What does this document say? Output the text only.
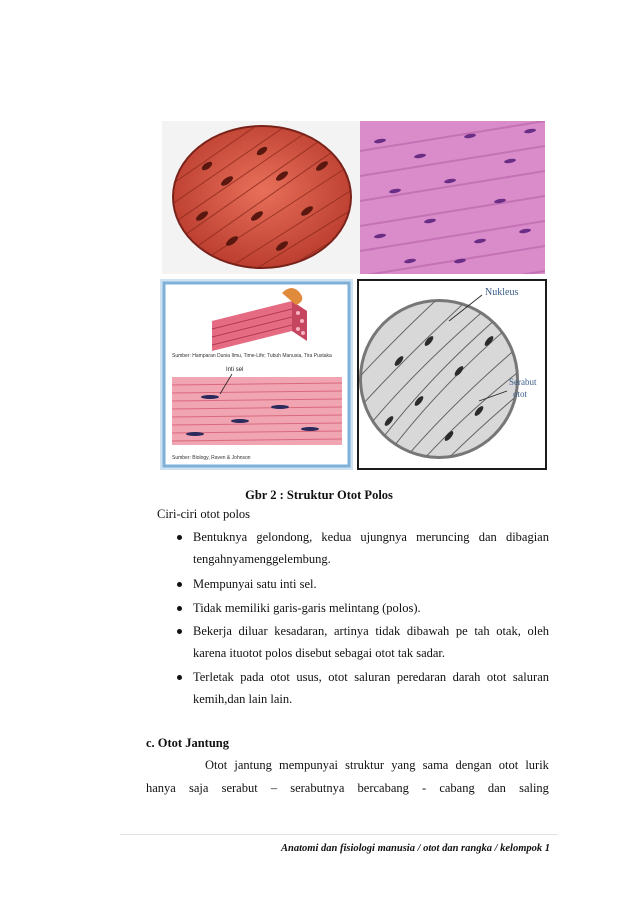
Sumber: Hamparan Dunia Ilmu, Time-Life; Tubuh Manusia, Tira Pustaka
Inti sel
Sumber: Biology, Raven & Johnson
Nukleus
Serabut
otot
Gbr 2 : Struktur Otot Polos
Ciri-ciri otot polos
Bentuknya gelondong, kedua ujungnya meruncing dan dibagian
tengahnyamenggelembung.
Mempunyai satu inti sel.
Tidak memiliki garis-garis melintang (polos).
Bekerja diluar kesadaran, artinya tidak dibawah pe tah otak, oleh
karena ituotot polos disebut sebagai otot tak sadar.
Terletak pada otot usus, otot saluran peredaran darah otot saluran
kemih,dan lain lain.
c. Otot Jantung
Otot jantung mempunyai struktur yang sama dengan otot lurik
hanya saja serabut – serabutnya bercabang - cabang dan saling
Anatomi dan fisiologi manusia / otot dan rangka / kelompok 1
